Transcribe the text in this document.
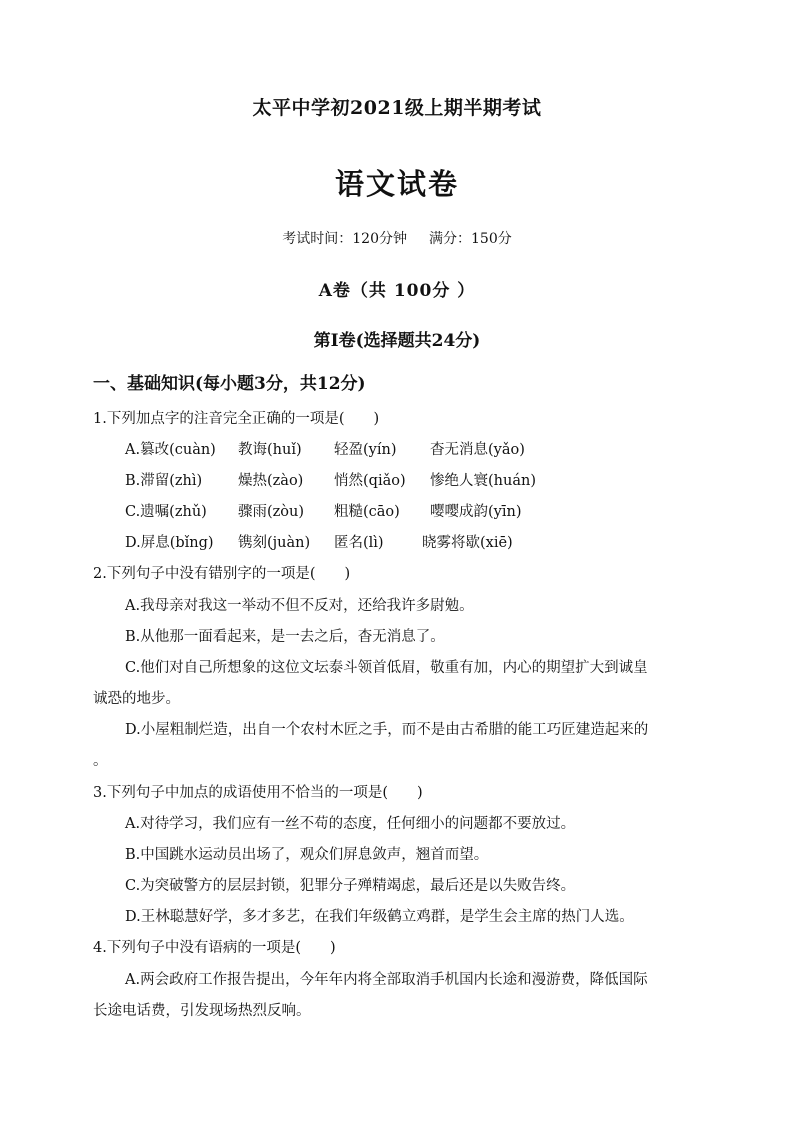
太平中学初2021级上期半期考试
语文试卷
考试时间：120分钟 满分：150分
A卷（共 100分 ）
第Ⅰ卷(选择题共24分)
一、基础知识(每小题3分，共12分)
1.下列加点字的注音完全正确的一项是(　　)
A.篡改(cuàn) 教诲(huǐ) 轻盈(yín) 杳无消息(yǎo)
B.滞留(zhì) 燥热(zào) 悄然(qiǎo) 惨绝人寰(huán)
C.遗嘱(zhǔ) 骤雨(zòu) 粗糙(cāo) 嘤嘤成韵(yīn)
D.屏息(bǐng) 镌刻(juàn) 匿名(lì)	晓雾将歇(xiē)
2.下列句子中没有错别字的一项是(　　)
A.我母亲对我这一举动不但不反对，还给我许多尉勉。
B.从他那一面看起来，是一去之后，杳无消息了。
C.他们对自己所想象的这位文坛泰斗领首低眉，敬重有加，内心的期望扩大到诚皇
诚恐的地步。
D.小屋粗制烂造，出自一个农村木匠之手，而不是由古希腊的能工巧匠建造起来的
。
3.下列句子中加点的成语使用不恰当的一项是(　　)
A.对待学习，我们应有一丝不苟的态度，任何细小的问题都不要放过。
B.中国跳水运动员出场了，观众们屏息敛声，翘首而望。
C.为突破警方的层层封锁，犯罪分子殚精竭虑，最后还是以失败告终。
D.王林聪慧好学，多才多艺，在我们年级鹤立鸡群，是学生会主席的热门人选。
4.下列句子中没有语病的一项是(　　)
A.两会政府工作报告提出，今年年内将全部取消手机国内长途和漫游费，降低国际
长途电话费，引发现场热烈反响。
